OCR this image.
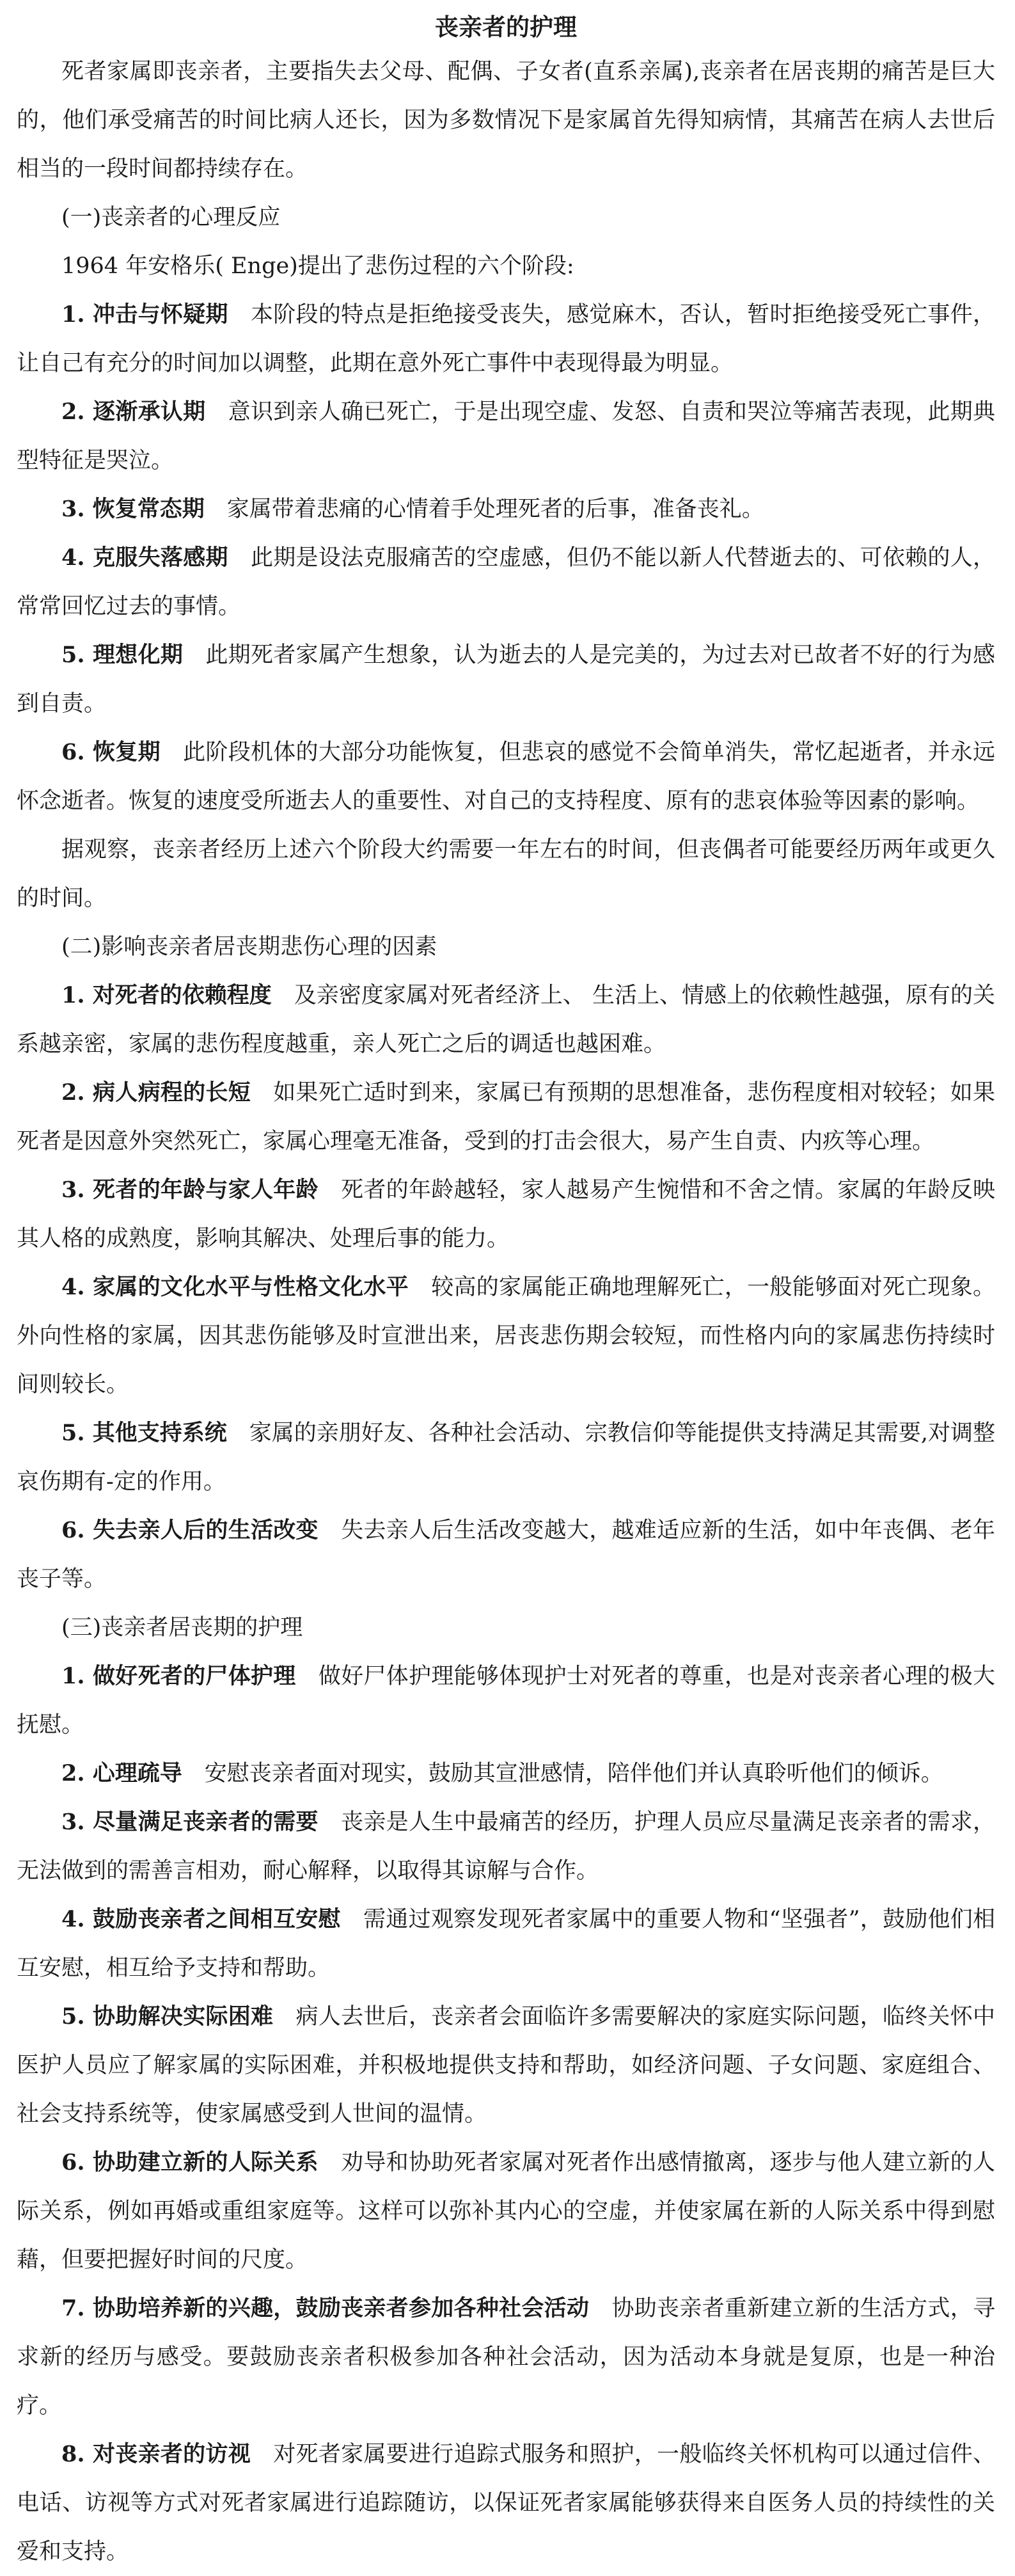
丧亲者的护理

死者家属即丧亲者，主要指失去父母、配偶、子女者(直系亲属),丧亲者在居丧期的痛苦是巨大的，他们承受痛苦的时间比病人还长，因为多数情况下是家属首先得知病情，其痛苦在病人去世后相当的一段时间都持续存在。

(一)丧亲者的心理反应

1964 年安格乐( Enge)提出了悲伤过程的六个阶段:

1. 冲击与怀疑期 本阶段的特点是拒绝接受丧失，感觉麻木，否认，暂时拒绝接受死亡事件，让自己有充分的时间加以调整，此期在意外死亡事件中表现得最为明显。

2. 逐渐承认期 意识到亲人确已死亡，于是出现空虚、发怒、自责和哭泣等痛苦表现，此期典型特征是哭泣。

3. 恢复常态期 家属带着悲痛的心情着手处理死者的后事，准备丧礼。

4. 克服失落感期 此期是设法克服痛苦的空虚感，但仍不能以新人代替逝去的、可依赖的人，常常回忆过去的事情。

5. 理想化期 此期死者家属产生想象，认为逝去的人是完美的，为过去对已故者不好的行为感到自责。

6. 恢复期 此阶段机体的大部分功能恢复，但悲哀的感觉不会简单消失，常忆起逝者，并永远怀念逝者。恢复的速度受所逝去人的重要性、对自己的支持程度、原有的悲哀体验等因素的影响。

据观察，丧亲者经历上述六个阶段大约需要一年左右的时间，但丧偶者可能要经历两年或更久的时间。

(二)影响丧亲者居丧期悲伤心理的因素

1. 对死者的依赖程度 及亲密度家属对死者经济上、 生活上、情感上的依赖性越强，原有的关系越亲密，家属的悲伤程度越重，亲人死亡之后的调适也越困难。

2. 病人病程的长短 如果死亡适时到来，家属已有预期的思想准备，悲伤程度相对较轻；如果死者是因意外突然死亡，家属心理毫无准备，受到的打击会很大，易产生自责、内疚等心理。

3. 死者的年龄与家人年龄 死者的年龄越轻，家人越易产生惋惜和不舍之情。家属的年龄反映其人格的成熟度，影响其解决、处理后事的能力。

4. 家属的文化水平与性格文化水平 较高的家属能正确地理解死亡，一般能够面对死亡现象。外向性格的家属，因其悲伤能够及时宣泄出来，居丧悲伤期会较短，而性格内向的家属悲伤持续时间则较长。

5. 其他支持系统 家属的亲朋好友、各种社会活动、宗教信仰等能提供支持满足其需要,对调整哀伤期有-定的作用。

6. 失去亲人后的生活改变 失去亲人后生活改变越大，越难适应新的生活，如中年丧偶、老年丧子等。

(三)丧亲者居丧期的护理

1. 做好死者的尸体护理 做好尸体护理能够体现护士对死者的尊重，也是对丧亲者心理的极大抚慰。

2. 心理疏导 安慰丧亲者面对现实，鼓励其宣泄感情，陪伴他们并认真聆听他们的倾诉。

3. 尽量满足丧亲者的需要 丧亲是人生中最痛苦的经历，护理人员应尽量满足丧亲者的需求，无法做到的需善言相劝，耐心解释，以取得其谅解与合作。

4. 鼓励丧亲者之间相互安慰 需通过观察发现死者家属中的重要人物和“坚强者”，鼓励他们相互安慰，相互给予支持和帮助。

5. 协助解决实际困难 病人去世后，丧亲者会面临许多需要解决的家庭实际问题，临终关怀中医护人员应了解家属的实际困难，并积极地提供支持和帮助，如经济问题、子女问题、家庭组合、社会支持系统等，使家属感受到人世间的温情。

6. 协助建立新的人际关系 劝导和协助死者家属对死者作出感情撤离，逐步与他人建立新的人际关系，例如再婚或重组家庭等。这样可以弥补其内心的空虚，并使家属在新的人际关系中得到慰藉，但要把握好时间的尺度。

7. 协助培养新的兴趣，鼓励丧亲者参加各种社会活动 协助丧亲者重新建立新的生活方式，寻求新的经历与感受。要鼓励丧亲者积极参加各种社会活动，因为活动本身就是复原，也是一种治疗。

8. 对丧亲者的访视 对死者家属要进行追踪式服务和照护，一般临终关怀机构可以通过信件、电话、访视等方式对死者家属进行追踪随访，以保证死者家属能够获得来自医务人员的持续性的关爱和支持。
